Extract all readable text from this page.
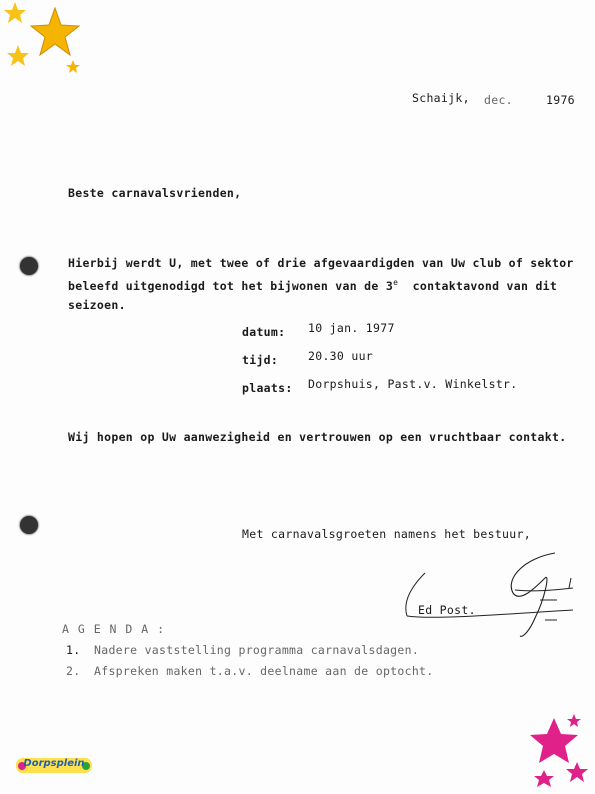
Dorpsplein
Schaijk, dec.	1976
Beste carnavalsvrienden,
Hierbij werdt U, met twee of drie afgevaardigden van Uw club of sektor
beleefd uitgenodigd tot het bijwonen van de 3e contaktavond van dit
seizoen.
datum: 10 jan. 1977
tijd:	20.30 uur
plaats: Dorpshuis, Past.v. Winkelstr.
Wij hopen op Uw aanwezigheid en vertrouwen op een vruchtbaar contakt.
Met carnavalsgroeten namens het bestuur,
Ed Post.
A G E N D A :
1. Nadere vaststelling programma carnavalsdagen.
2. Afspreken maken t.a.v. deelname aan de optocht.
